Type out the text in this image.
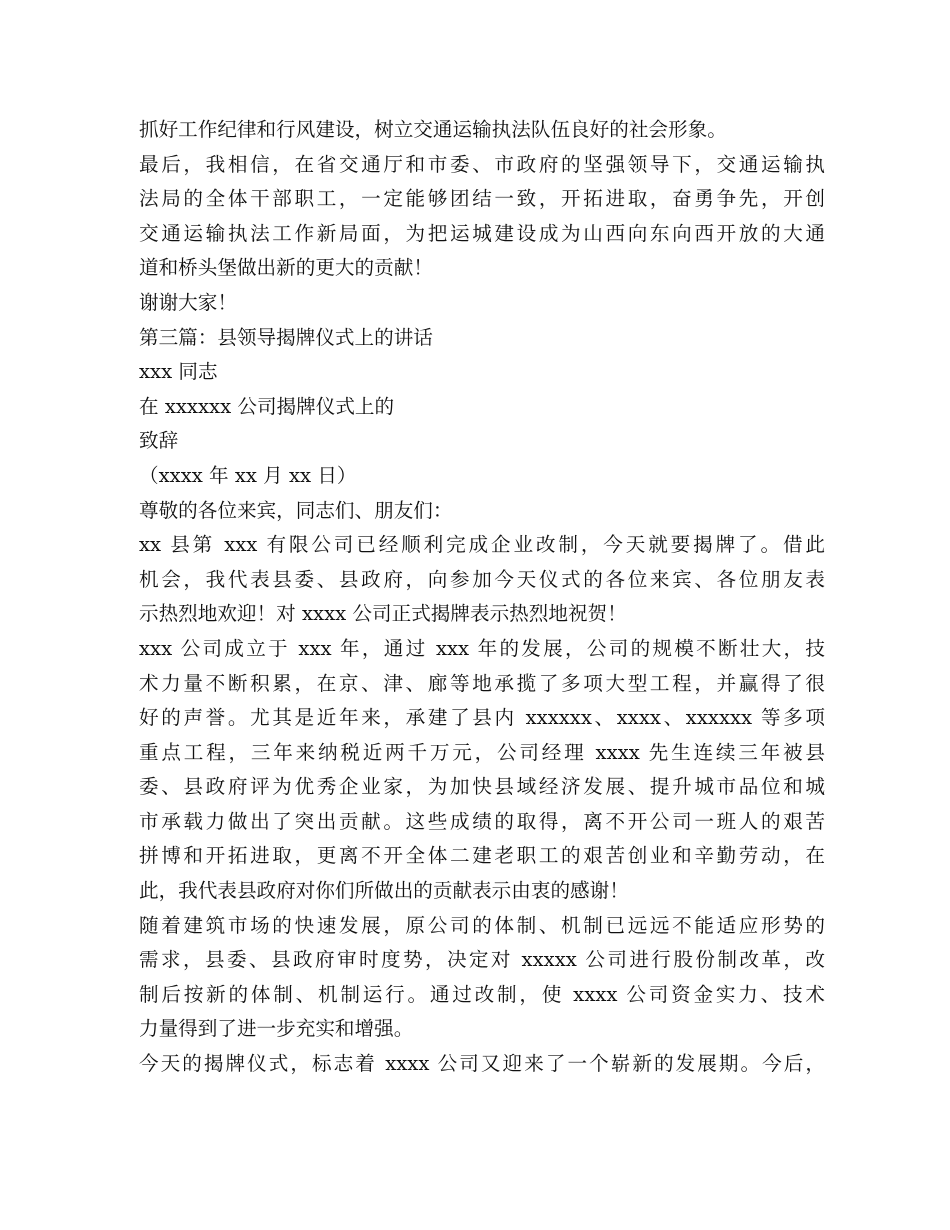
抓好工作纪律和行风建设，树立交通运输执法队伍良好的社会形象。
最后，我相信，在省交通厅和市委、市政府的坚强领导下，交通运输执
法局的全体干部职工，一定能够团结一致，开拓进取，奋勇争先，开创
交通运输执法工作新局面，为把运城建设成为山西向东向西开放的大通
道和桥头堡做出新的更大的贡献！
谢谢大家！
第三篇：县领导揭牌仪式上的讲话
xxx 同志
在 xxxxxx 公司揭牌仪式上的
致辞
（xxxx 年 xx 月 xx 日）
尊敬的各位来宾，同志们、朋友们：
xx 县第 xxx 有限公司已经顺利完成企业改制，今天就要揭牌了。借此
机会，我代表县委、县政府，向参加今天仪式的各位来宾、各位朋友表
示热烈地欢迎！对 xxxx 公司正式揭牌表示热烈地祝贺！
xxx 公司成立于 xxx 年，通过 xxx 年的发展，公司的规模不断壮大，技
术力量不断积累，在京、津、廊等地承揽了多项大型工程，并赢得了很
好的声誉。尤其是近年来，承建了县内 xxxxxx、xxxx、xxxxxx 等多项
重点工程，三年来纳税近两千万元，公司经理 xxxx 先生连续三年被县
委、县政府评为优秀企业家，为加快县域经济发展、提升城市品位和城
市承载力做出了突出贡献。这些成绩的取得，离不开公司一班人的艰苦
拼博和开拓进取，更离不开全体二建老职工的艰苦创业和辛勤劳动，在
此，我代表县政府对你们所做出的贡献表示由衷的感谢！
随着建筑市场的快速发展，原公司的体制、机制已远远不能适应形势的
需求，县委、县政府审时度势，决定对 xxxxx 公司进行股份制改革，改
制后按新的体制、机制运行。通过改制，使 xxxx 公司资金实力、技术
力量得到了进一步充实和增强。
今天的揭牌仪式，标志着 xxxx 公司又迎来了一个崭新的发展期。今后，
